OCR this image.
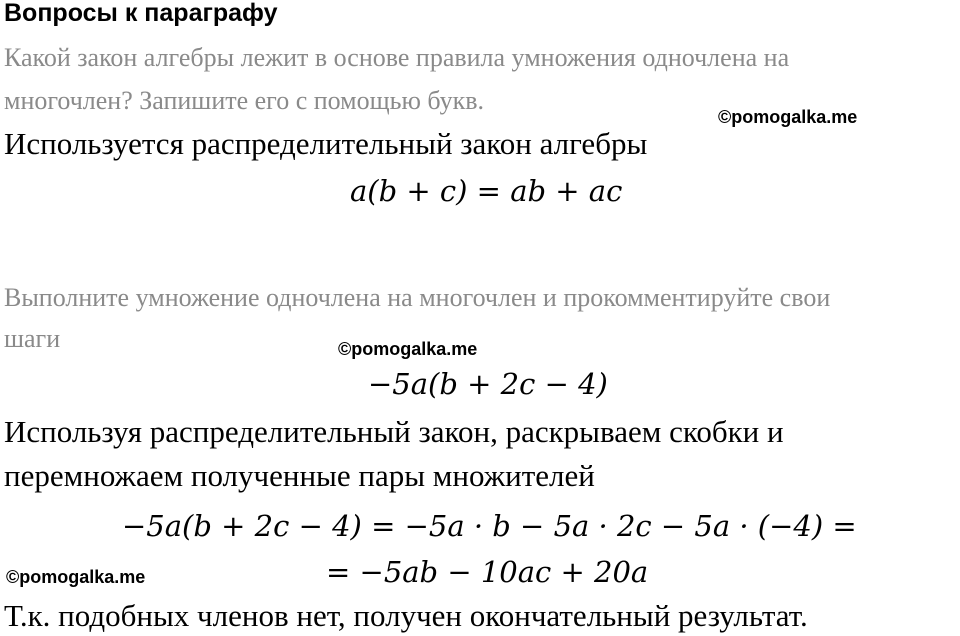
Вопросы к параграфу
Какой закон алгебры лежит в основе правила умножения одночлена на
многочлен? Запишите его с помощью букв.
©pomogalka.me
Используется распределительный закон алгебры
a(b + c) = ab + ac
Выполните умножение одночлена на многочлен и прокомментируйте свои
шаги	©pomogalka.me
−5a(b + 2c − 4)
Используя распределительный закон, раскрываем скобки и
перемножаем полученные пары множителей
−5a(b + 2c − 4) = −5a · b − 5a · 2c − 5a · (−4) =
= −5ab − 10ac + 20a
©pomogalka.me
Т.к. подобных членов нет, получен окончательный результат.
